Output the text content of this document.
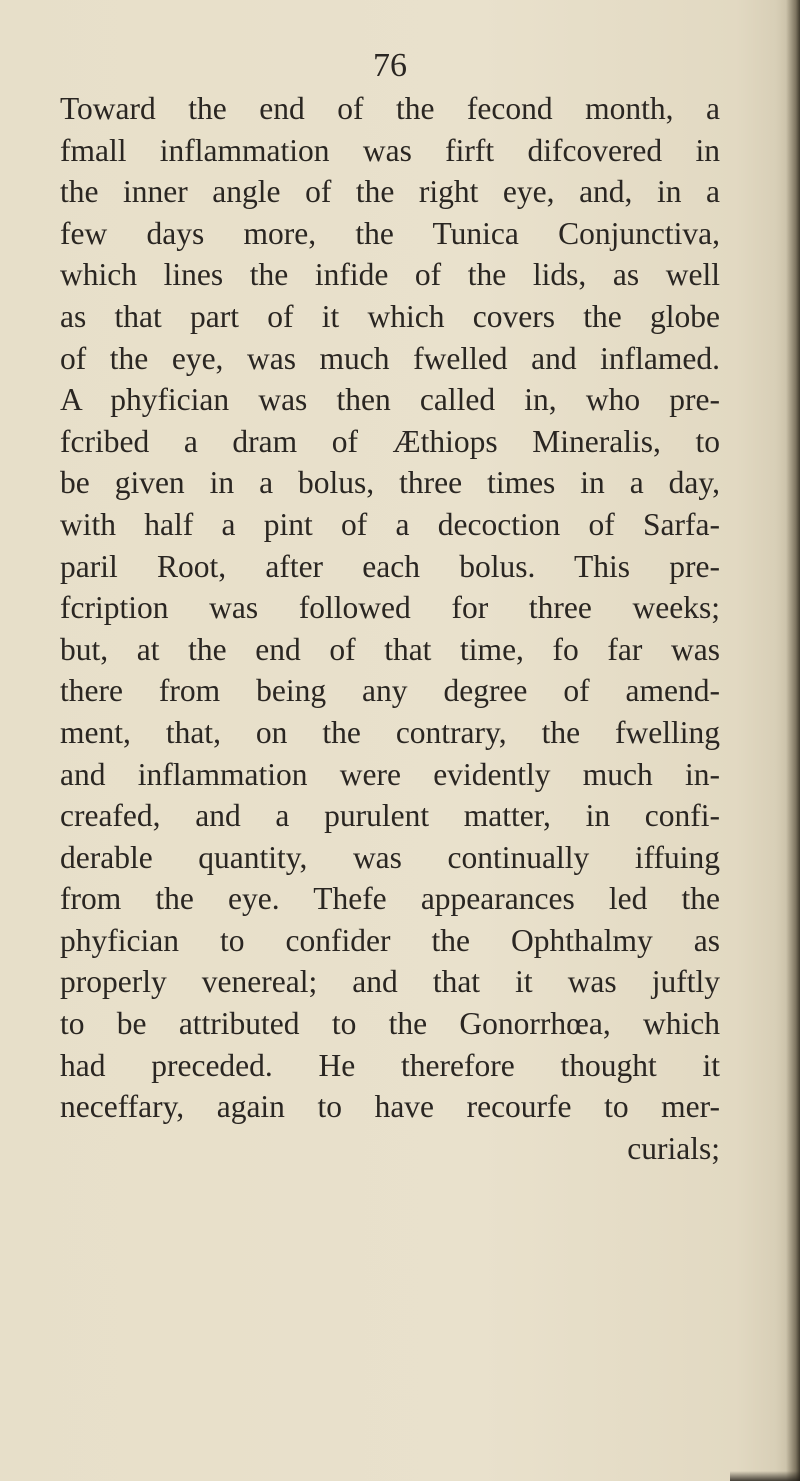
76
Toward the end of the fecond month, a
fmall inflammation was firft difcovered in
the inner angle of the right eye, and, in a
few days more, the Tunica Conjunctiva,
which lines the infide of the lids, as well
as that part of it which covers the globe
of the eye, was much fwelled and inflamed.
A phyfician was then called in, who pre-
fcribed a dram of Æthiops Mineralis, to
be given in a bolus, three times in a day,
with half a pint of a decoction of Sarfa-
paril Root, after each bolus. This pre-
fcription was followed for three weeks;
but, at the end of that time, fo far was
there from being any degree of amend-
ment, that, on the contrary, the fwelling
and inflammation were evidently much in-
creafed, and a purulent matter, in confi-
derable quantity, was continually iffuing
from the eye. Thefe appearances led the
phyfician to confider the Ophthalmy as
properly venereal; and that it was juftly
to be attributed to the Gonorrhœa, which
had preceded. He therefore thought it
neceffary, again to have recourfe to mer-
curials;
